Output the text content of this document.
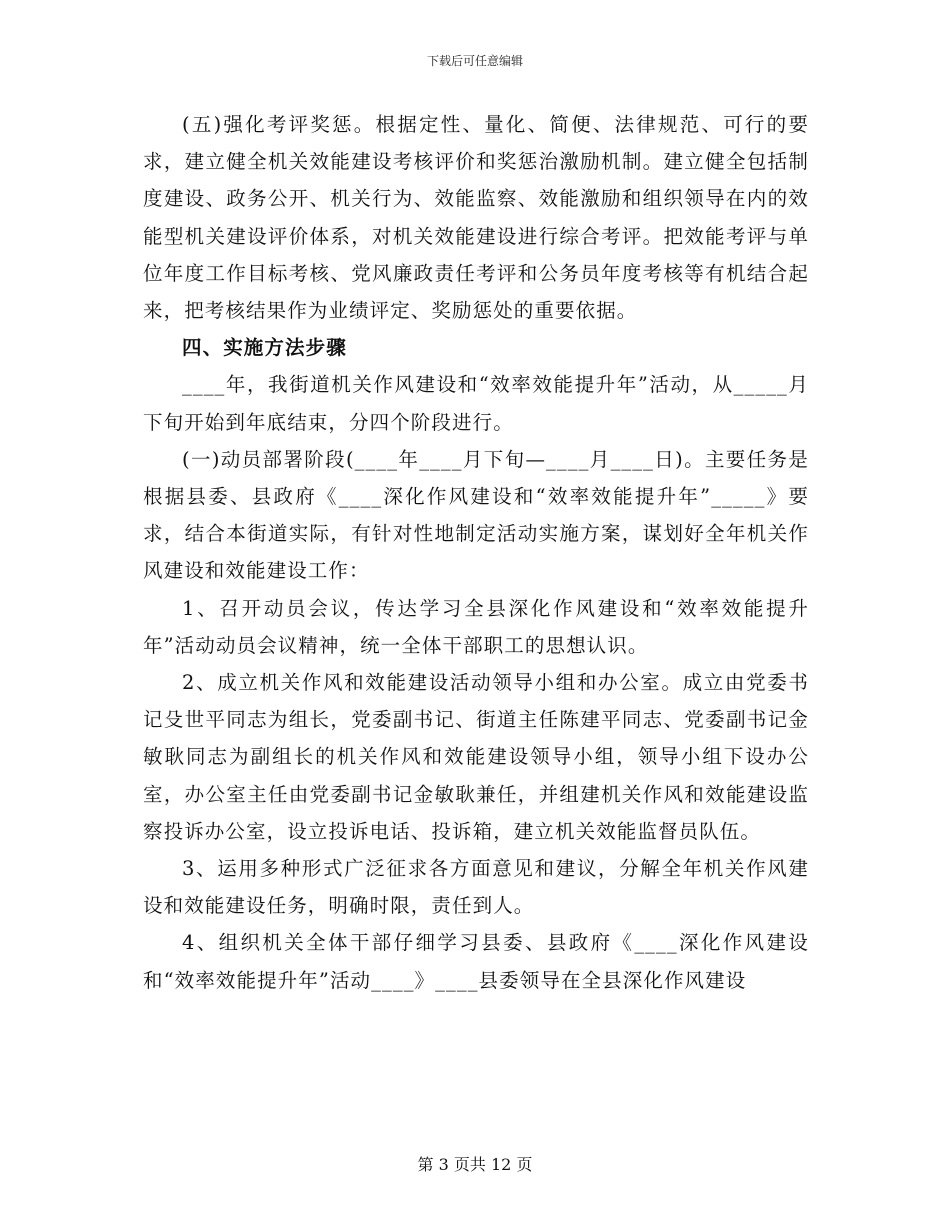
下载后可任意编辑

(五)强化考评奖惩。根据定性、量化、简便、法律规范、可行的要求，建立健全机关效能建设考核评价和奖惩治激励机制。建立健全包括制度建设、政务公开、机关行为、效能监察、效能激励和组织领导在内的效能型机关建设评价体系，对机关效能建设进行综合考评。把效能考评与单位年度工作目标考核、党风廉政责任考评和公务员年度考核等有机结合起来，把考核结果作为业绩评定、奖励惩处的重要依据。

四、实施方法步骤

____年，我街道机关作风建设和“效率效能提升年”活动，从_____月下旬开始到年底结束，分四个阶段进行。

(一)动员部署阶段(____年____月下旬—____月____日)。主要任务是根据县委、县政府《____深化作风建设和“效率效能提升年”_____》要求，结合本街道实际，有针对性地制定活动实施方案，谋划好全年机关作风建设和效能建设工作：

1、召开动员会议，传达学习全县深化作风建设和“效率效能提升年”活动动员会议精神，统一全体干部职工的思想认识。

2、成立机关作风和效能建设活动领导小组和办公室。成立由党委书记殳世平同志为组长，党委副书记、街道主任陈建平同志、党委副书记金敏耿同志为副组长的机关作风和效能建设领导小组，领导小组下设办公室，办公室主任由党委副书记金敏耿兼任，并组建机关作风和效能建设监察投诉办公室，设立投诉电话、投诉箱，建立机关效能监督员队伍。

3、运用多种形式广泛征求各方面意见和建议，分解全年机关作风建设和效能建设任务，明确时限，责任到人。

4、组织机关全体干部仔细学习县委、县政府《____深化作风建设和“效率效能提升年”活动____》____县委领导在全县深化作风建设

第 3 页共 12 页
